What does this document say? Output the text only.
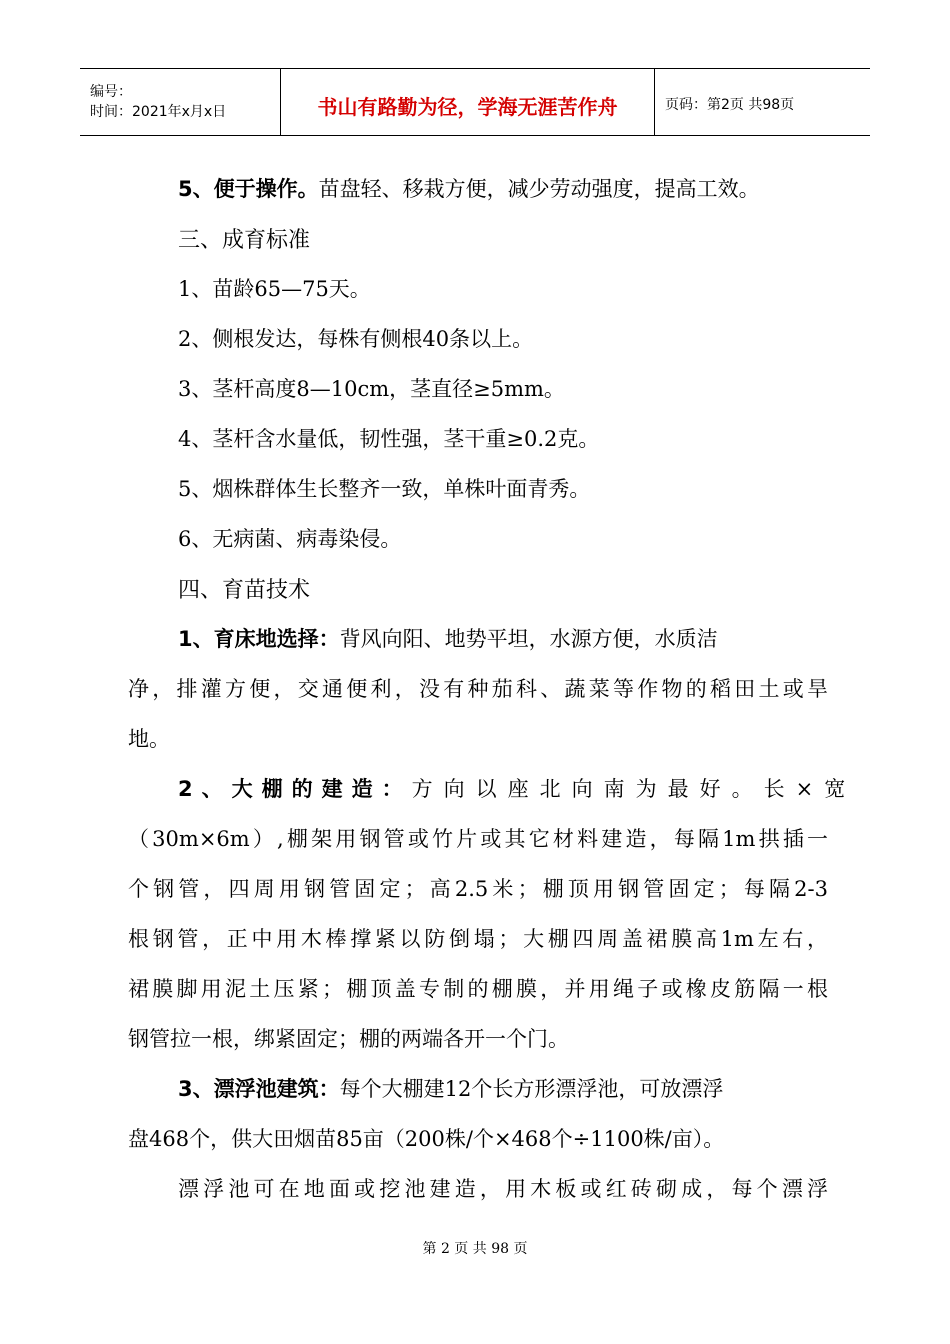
编号：
时间：2021年x月x日	书山有路勤为径，学海无涯苦作舟	页码：第2页 共98页
5、便于操作。苗盘轻、移栽方便，减少劳动强度，提高工效。
三、成育标准
1、苗龄65—75天。
2、侧根发达，每株有侧根40条以上。
3、茎杆高度8—10cm，茎直径≥5mm。
4、茎杆含水量低，韧性强，茎干重≥0.2克。
5、烟株群体生长整齐一致，单株叶面青秀。
6、无病菌、病毒染侵。
四、育苗技术
1、育床地选择：背风向阳、地势平坦，水源方便，水质洁
净，排灌方便，交通便利，没有种茄科、蔬菜等作物的稻田土或旱
地。
2、大棚的建造： 方向以座北向南为最好。长×宽
（30m×6m）,棚架用钢管或竹片或其它材料建造，每隔1m拱插一
个钢管，四周用钢管固定；高2.5米；棚顶用钢管固定；每隔2-3
根钢管，正中用木棒撑紧以防倒塌；大棚四周盖裙膜高1m左右，
裙膜脚用泥土压紧；棚顶盖专制的棚膜，并用绳子或橡皮筋隔一根
钢管拉一根，绑紧固定；棚的两端各开一个门。
3、漂浮池建筑：每个大棚建12个长方形漂浮池，可放漂浮
盘468个，供大田烟苗85亩（200株/个×468个÷1100株/亩）。
漂浮池可在地面或挖池建造，用木板或红砖砌成，每个漂浮
第 2 页 共 98 页
